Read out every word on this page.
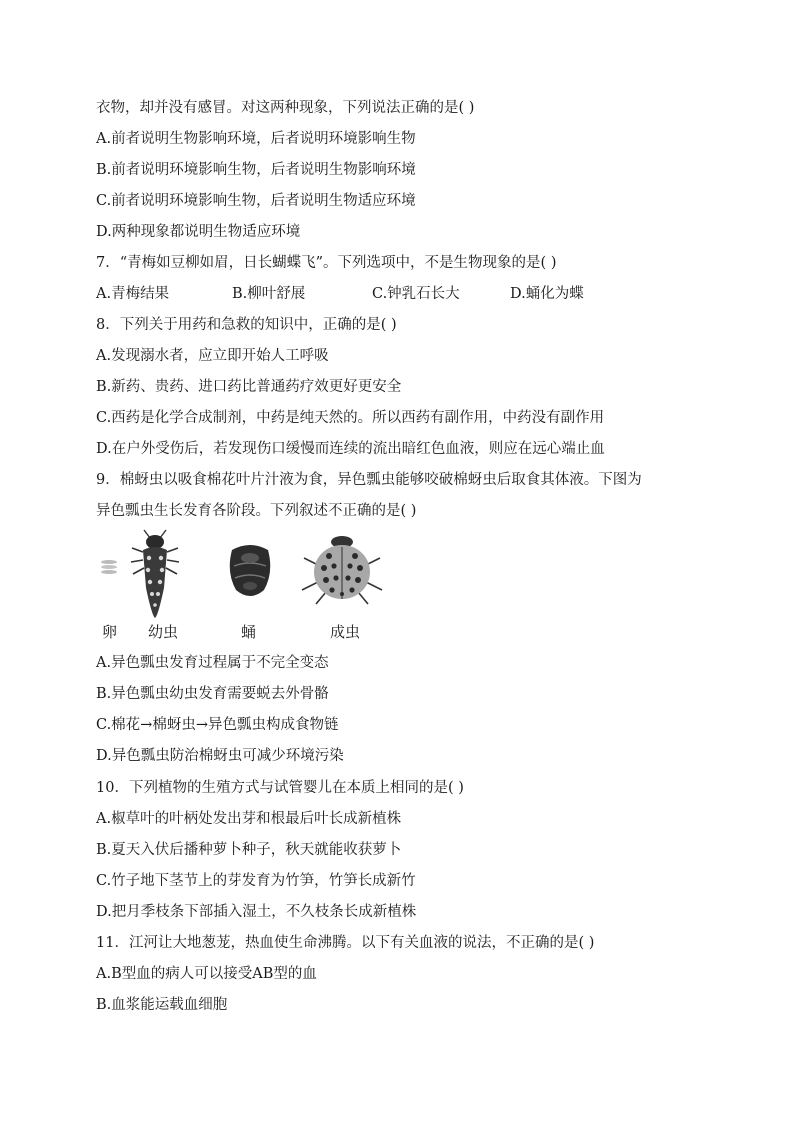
衣物，却并没有感冒。对这两种现象，下列说法正确的是( )
A.前者说明生物影响环境，后者说明环境影响生物
B.前者说明环境影响生物，后者说明生物影响环境
C.前者说明环境影响生物，后者说明生物适应环境
D.两种现象都说明生物适应环境
7．“青梅如豆柳如眉，日长蝴蝶飞”。下列选项中，不是生物现象的是( )
A.青梅结果	B.柳叶舒展	C.钟乳石长大	D.蛹化为蝶
8．下列关于用药和急救的知识中，正确的是( )
A.发现溺水者，应立即开始人工呼吸
B.新药、贵药、进口药比普通药疗效更好更安全
C.西药是化学合成制剂，中药是纯天然的。所以西药有副作用，中药没有副作用
D.在户外受伤后，若发现伤口缓慢而连续的流出暗红色血液，则应在远心端止血
9．棉蚜虫以吸食棉花叶片汁液为食，异色瓢虫能够咬破棉蚜虫后取食其体液。下图为
异色瓢虫生长发育各阶段。下列叙述不正确的是( )
卵 幼虫	蛹	成虫
A.异色瓢虫发育过程属于不完全变态
B.异色瓢虫幼虫发育需要蜕去外骨骼
C.棉花→棉蚜虫→异色瓢虫构成食物链
D.异色瓢虫防治棉蚜虫可减少环境污染
10．下列植物的生殖方式与试管婴儿在本质上相同的是( )
A.椒草叶的叶柄处发出芽和根最后叶长成新植株
B.夏天入伏后播种萝卜种子，秋天就能收获萝卜
C.竹子地下茎节上的芽发育为竹笋，竹笋长成新竹
D.把月季枝条下部插入湿土，不久枝条长成新植株
11．江河让大地葱茏，热血使生命沸腾。以下有关血液的说法，不正确的是( )
A.B型血的病人可以接受AB型的血
B.血浆能运载血细胞
